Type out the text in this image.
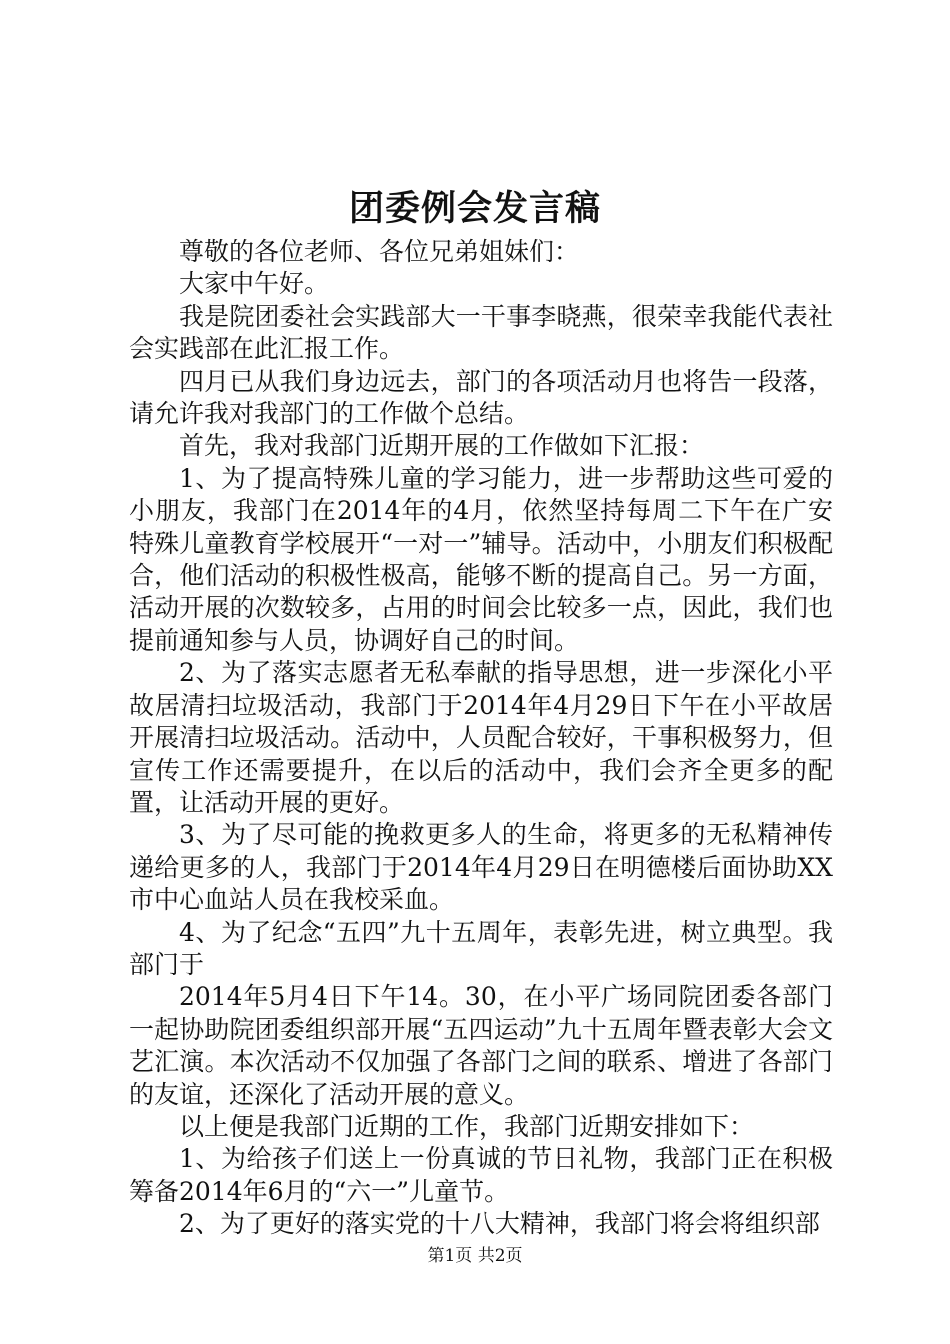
团委例会发言稿

尊敬的各位老师、各位兄弟姐妹们：

大家中午好。

我是院团委社会实践部大一干事李晓燕，很荣幸我能代表社会实践部在此汇报工作。

四月已从我们身边远去，部门的各项活动月也将告一段落，请允许我对我部门的工作做个总结。

首先，我对我部门近期开展的工作做如下汇报：

1、为了提高特殊儿童的学习能力，进一步帮助这些可爱的小朋友，我部门在2014年的4月，依然坚持每周二下午在广安特殊儿童教育学校展开“一对一”辅导。活动中，小朋友们积极配合，他们活动的积极性极高，能够不断的提高自己。另一方面，活动开展的次数较多，占用的时间会比较多一点，因此，我们也提前通知参与人员，协调好自己的时间。

2、为了落实志愿者无私奉献的指导思想，进一步深化小平故居清扫垃圾活动，我部门于2014年4月29日下午在小平故居开展清扫垃圾活动。活动中，人员配合较好，干事积极努力，但宣传工作还需要提升，在以后的活动中，我们会齐全更多的配置，让活动开展的更好。

3、为了尽可能的挽救更多人的生命，将更多的无私精神传递给更多的人，我部门于2014年4月29日在明德楼后面协助XX市中心血站人员在我校采血。

4、为了纪念“五四”九十五周年，表彰先进，树立典型。我部门于

2014年5月4日下午14。30，在小平广场同院团委各部门一起协助院团委组织部开展“五四运动”九十五周年暨表彰大会文艺汇演。本次活动不仅加强了各部门之间的联系、增进了各部门的友谊，还深化了活动开展的意义。

以上便是我部门近期的工作，我部门近期安排如下：

1、为给孩子们送上一份真诚的节日礼物，我部门正在积极筹备2014年6月的“六一”儿童节。

2、为了更好的落实党的十八大精神，我部门将会将组织部

第1页 共2页
